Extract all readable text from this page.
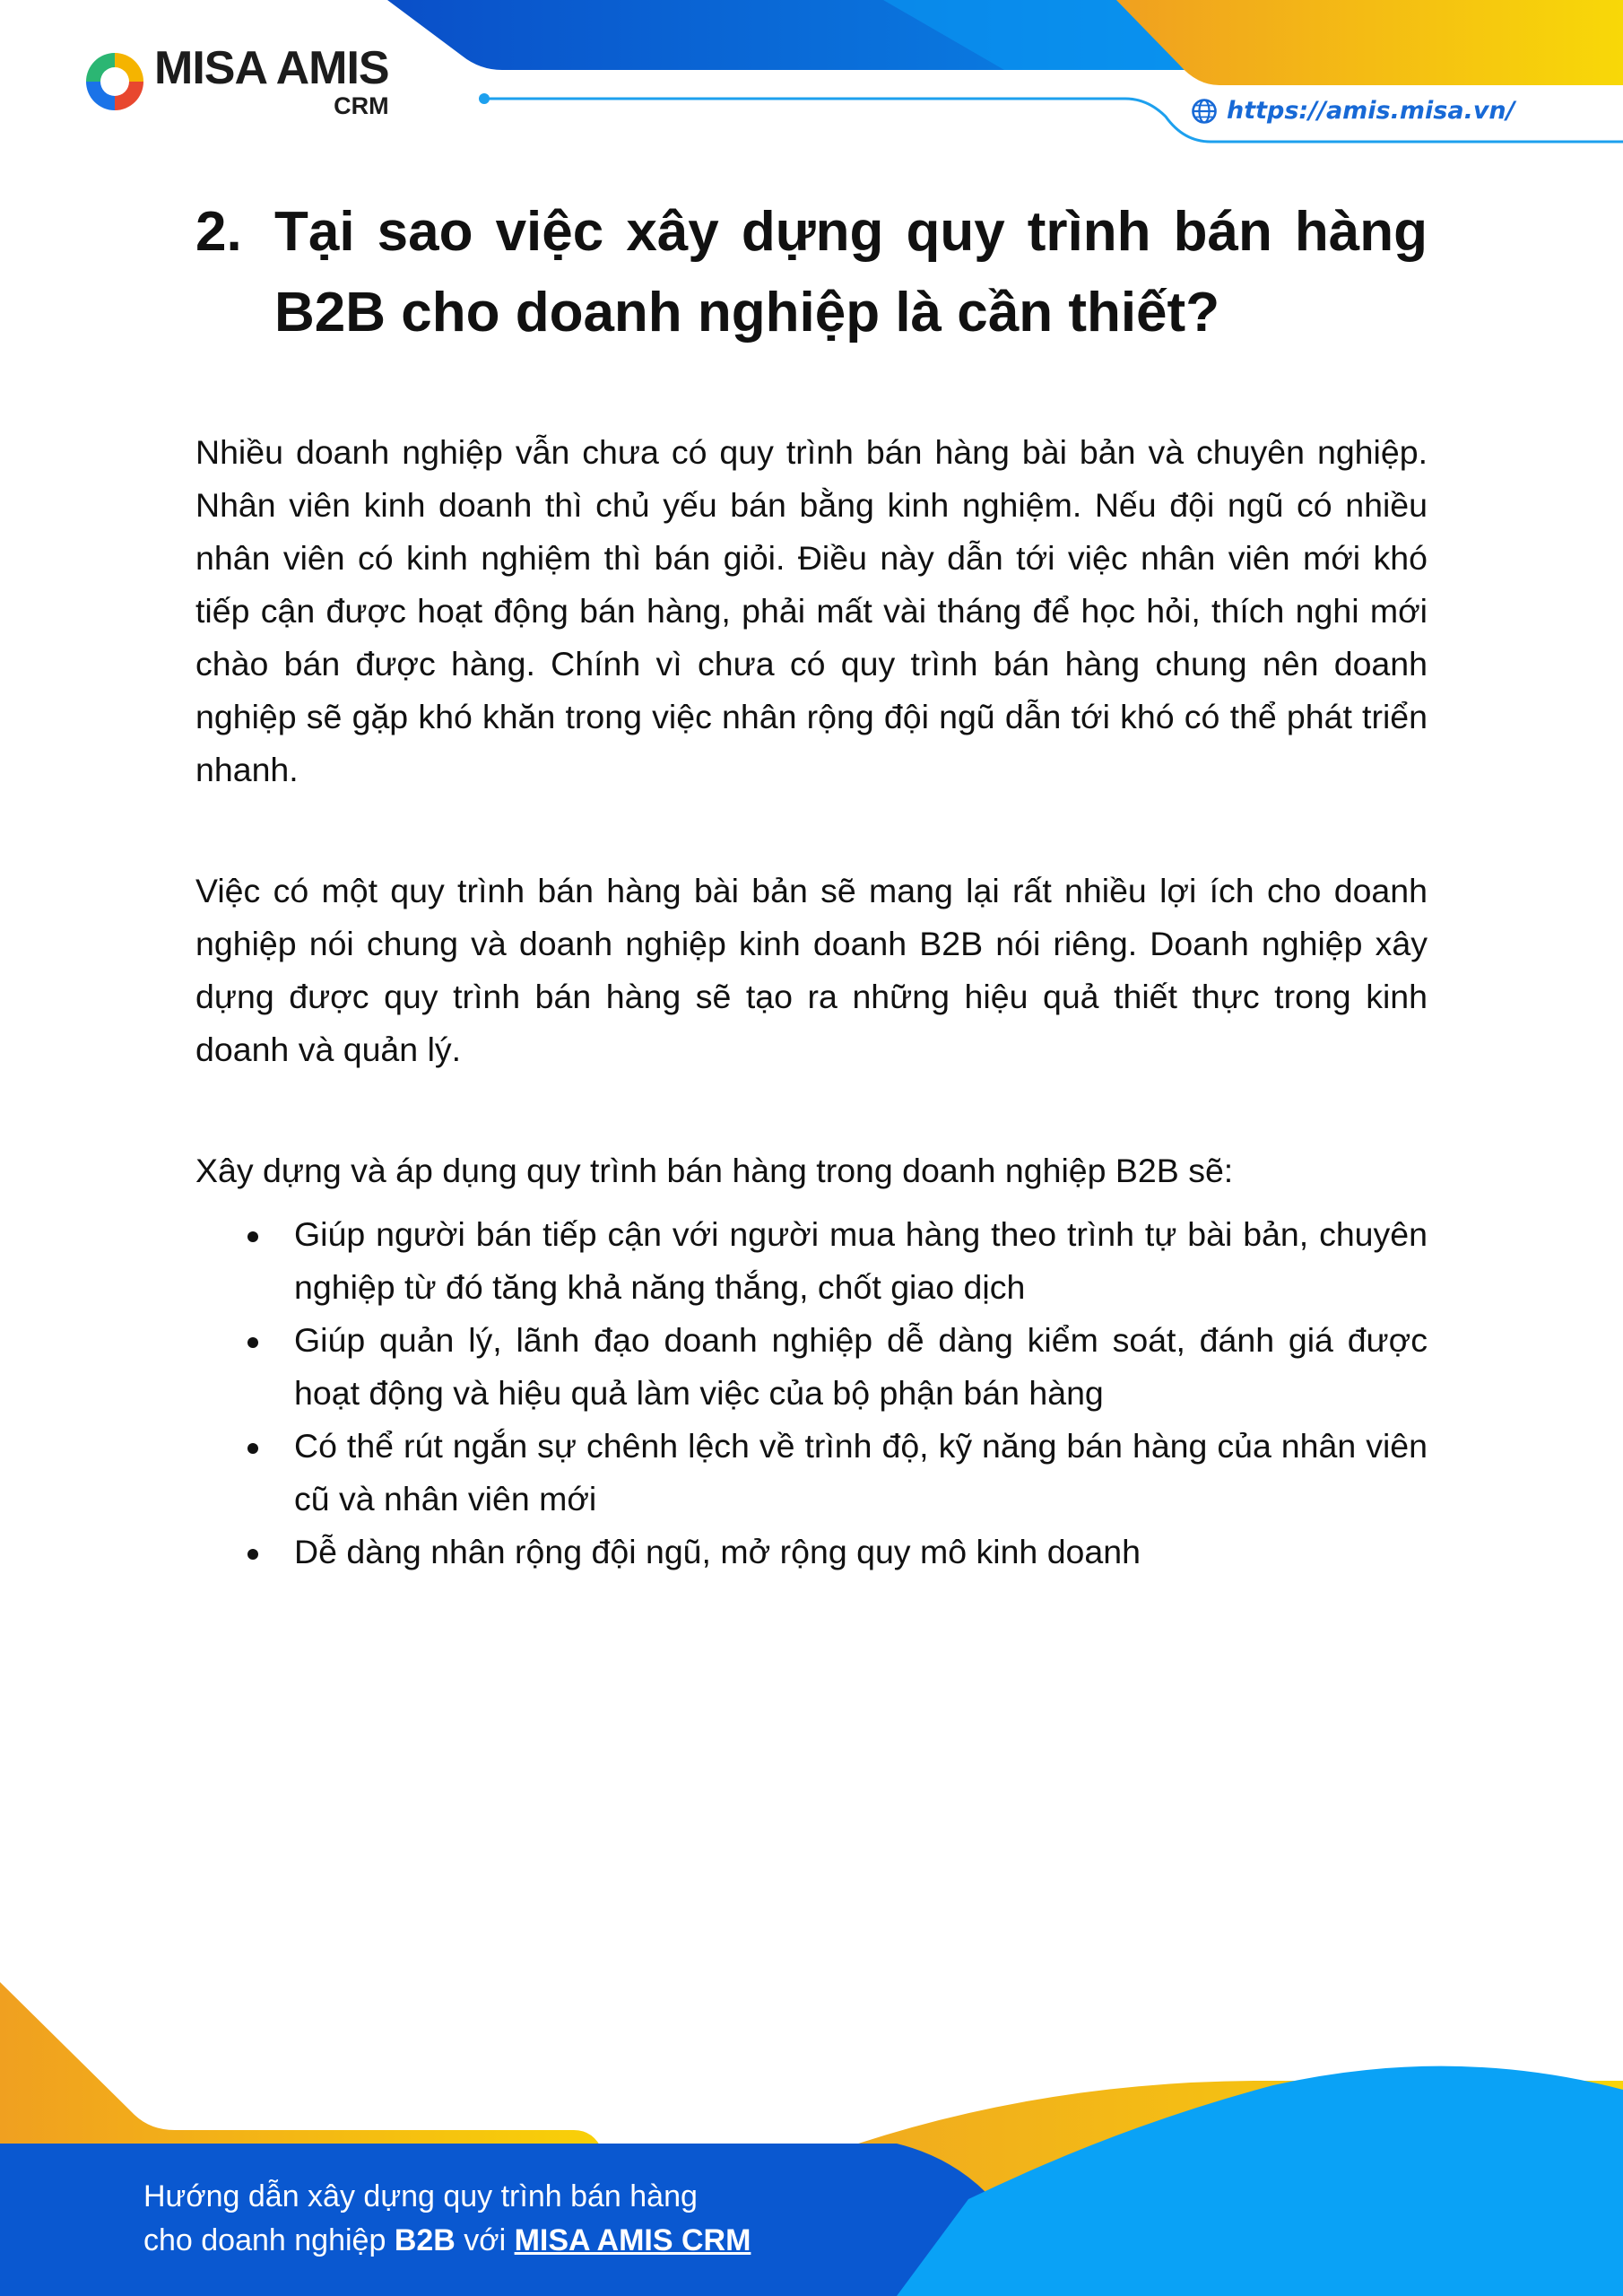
MISA AMIS
CRM	https://amis.misa.vn/
2. Tại sao việc xây dựng quy trình bán hàng B2B cho doanh nghiệp là cần thiết?

Nhiều doanh nghiệp vẫn chưa có quy trình bán hàng bài bản và chuyên nghiệp. Nhân viên kinh doanh thì chủ yếu bán bằng kinh nghiệm. Nếu đội ngũ có nhiều nhân viên có kinh nghiệm thì bán giỏi. Điều này dẫn tới việc nhân viên mới khó tiếp cận được hoạt động bán hàng, phải mất vài tháng để học hỏi, thích nghi mới chào bán được hàng. Chính vì chưa có quy trình bán hàng chung nên doanh nghiệp sẽ gặp khó khăn trong việc nhân rộng đội ngũ dẫn tới khó có thể phát triển nhanh.

Việc có một quy trình bán hàng bài bản sẽ mang lại rất nhiều lợi ích cho doanh nghiệp nói chung và doanh nghiệp kinh doanh B2B nói riêng. Doanh nghiệp xây dựng được quy trình bán hàng sẽ tạo ra những hiệu quả thiết thực trong kinh doanh và quản lý.

Xây dựng và áp dụng quy trình bán hàng trong doanh nghiệp B2B sẽ:

Giúp người bán tiếp cận với người mua hàng theo trình tự bài bản, chuyên nghiệp từ đó tăng khả năng thắng, chốt giao dịch
Giúp quản lý, lãnh đạo doanh nghiệp dễ dàng kiểm soát, đánh giá được hoạt động và hiệu quả làm việc của bộ phận bán hàng
Có thể rút ngắn sự chênh lệch về trình độ, kỹ năng bán hàng của nhân viên cũ và nhân viên mới
Dễ dàng nhân rộng đội ngũ, mở rộng quy mô kinh doanh
Hướng dẫn xây dựng quy trình bán hàng
cho doanh nghiệp B2B với MISA AMIS CRM
